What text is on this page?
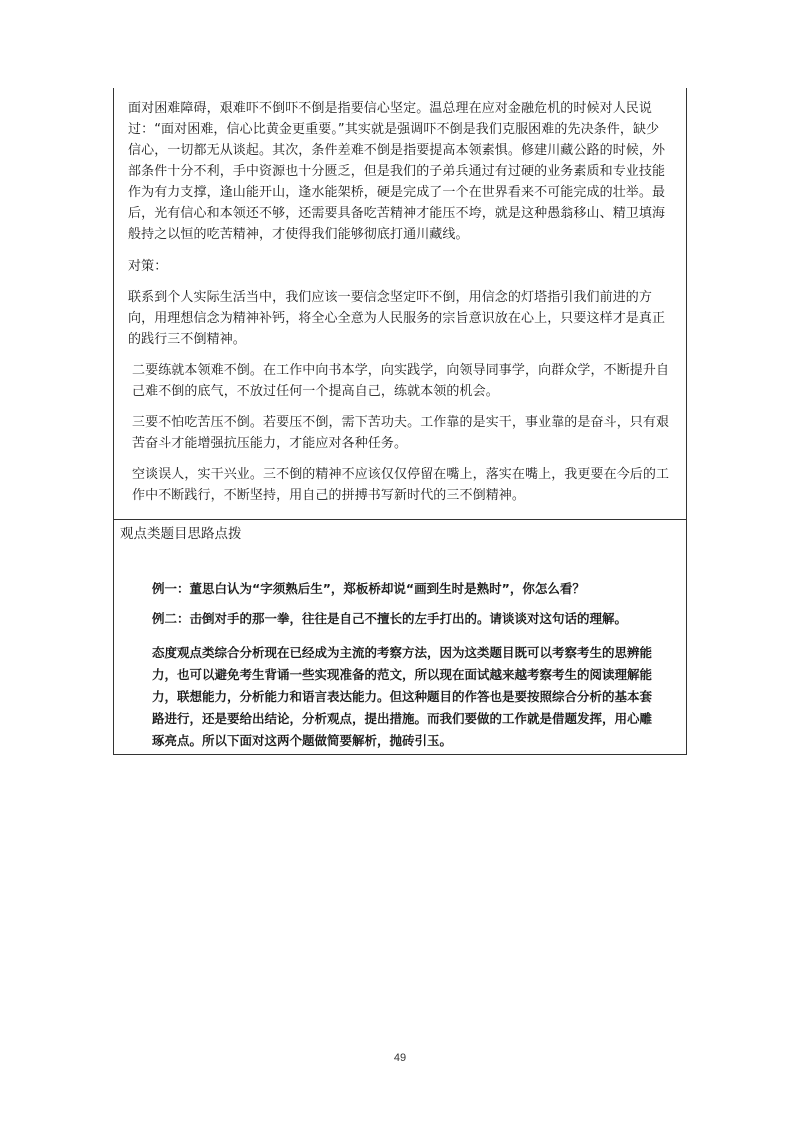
面对困难障碍，艰难吓不倒吓不倒是指要信心坚定。温总理在应对金融危机的时候对人民说过：“面对困难，信心比黄金更重要。”其实就是强调吓不倒是我们克服困难的先决条件，缺少信心，一切都无从谈起。其次，条件差难不倒是指要提高本领素惧。修建川藏公路的时候，外部条件十分不利，手中资源也十分匮乏，但是我们的子弟兵通过有过硬的业务素质和专业技能作为有力支撑，逢山能开山，逢水能架桥，硬是完成了一个在世界看来不可能完成的壮举。最后，光有信心和本领还不够，还需要具备吃苦精神才能压不垮，就是这种愚翁移山、精卫填海般持之以恒的吃苦精神，才使得我们能够彻底打通川藏线。

对策：

联系到个人实际生活当中，我们应该一要信念坚定吓不倒，用信念的灯塔指引我们前进的方向，用理想信念为精神补钙，将全心全意为人民服务的宗旨意识放在心上，只要这样才是真正的践行三不倒精神。

二要练就本领难不倒。在工作中向书本学，向实践学，向领导同事学，向群众学，不断提升自己难不倒的底气，不放过任何一个提高自己，练就本领的机会。

三要不怕吃苦压不倒。若要压不倒，需下苦功夫。工作靠的是实干，事业靠的是奋斗，只有艰苦奋斗才能增强抗压能力，才能应对各种任务。

空谈误人，实干兴业。三不倒的精神不应该仅仅停留在嘴上，落实在嘴上，我更要在今后的工作中不断践行，不断坚持，用自己的拼搏书写新时代的三不倒精神。

观点类题目思路点拨

例一：董思白认为“字须熟后生”，郑板桥却说“画到生时是熟时”，你怎么看？

例二：击倒对手的那一拳，往往是自己不擅长的左手打出的。请谈谈对这句话的理解。

态度观点类综合分析现在已经成为主流的考察方法，因为这类题目既可以考察考生的思辨能力，也可以避免考生背诵一些实现准备的范文，所以现在面试越来越考察考生的阅读理解能力，联想能力，分析能力和语言表达能力。但这种题目的作答也是要按照综合分析的基本套路进行，还是要给出结论，分析观点，提出措施。而我们要做的工作就是借题发挥，用心雕琢亮点。所以下面对这两个题做简要解析，抛砖引玉。

49
